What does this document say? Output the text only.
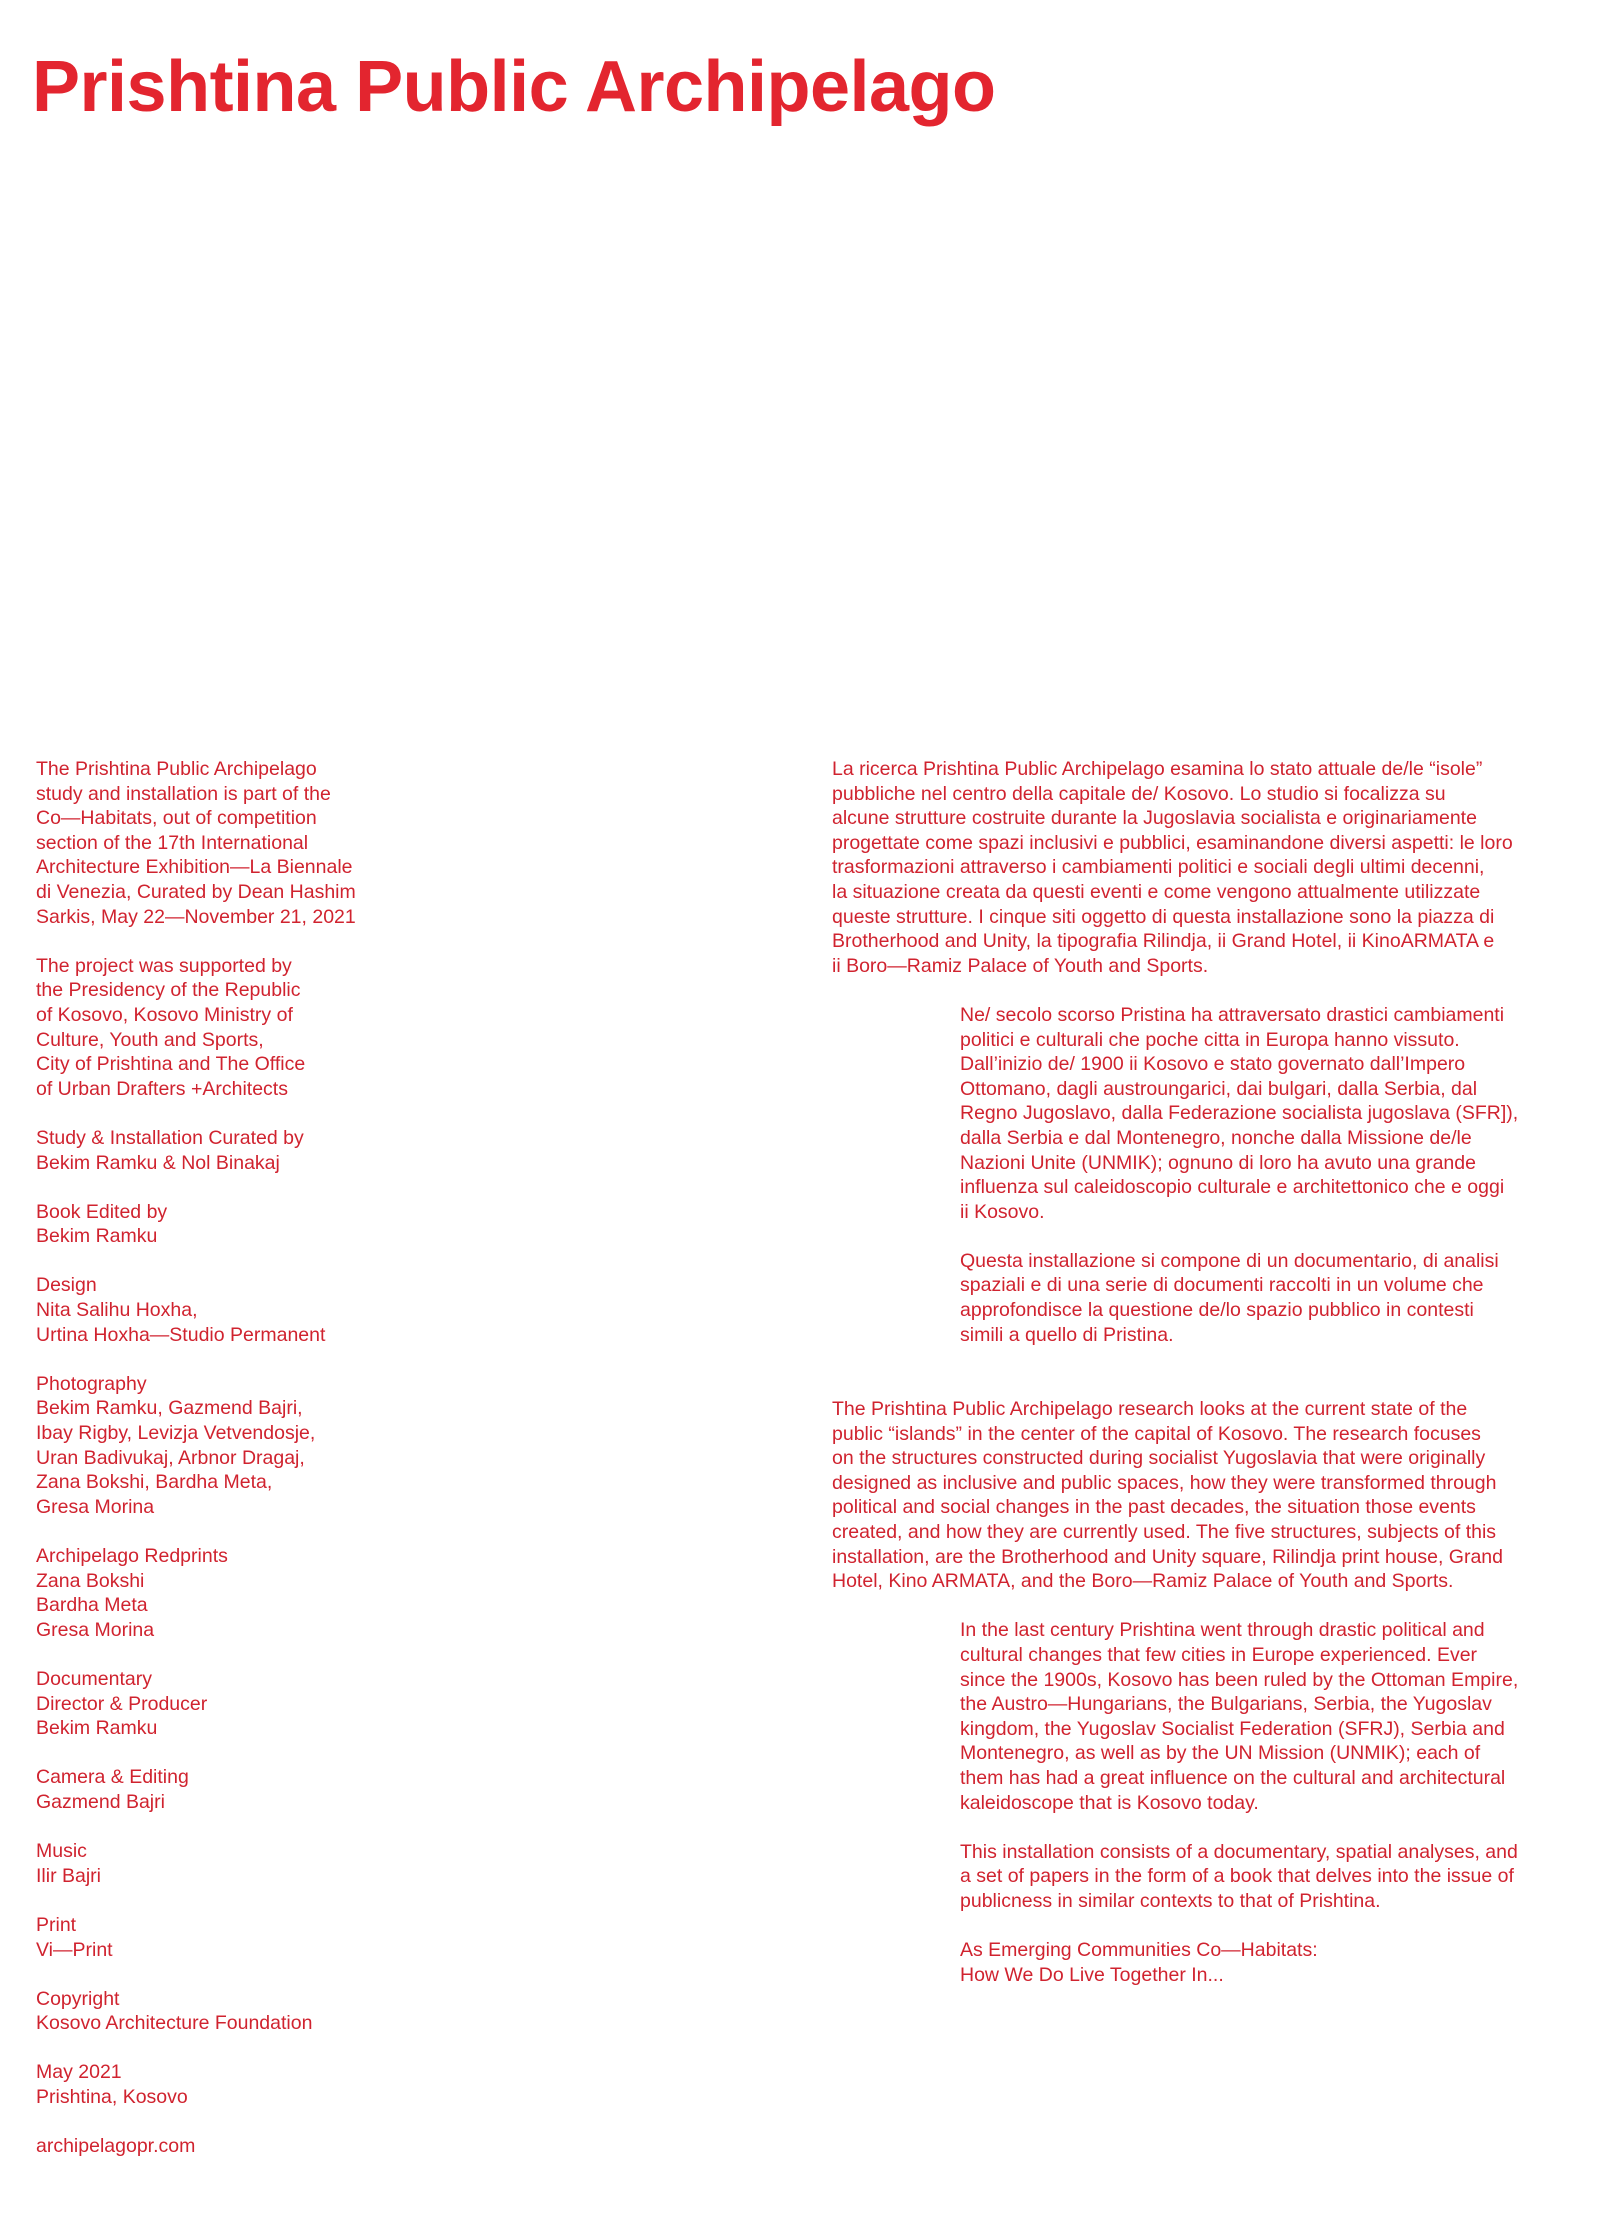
Prishtina Public Archipelago
The Prishtina Public Archipelago
study and installation is part of the
Co—Habitats, out of competition
section of the 17th International
Architecture Exhibition—La Biennale
di Venezia, Curated by Dean Hashim
Sarkis, May 22—November 21, 2021
The project was supported by
the Presidency of the Republic
of Kosovo, Kosovo Ministry of
Culture, Youth and Sports,
City of Prishtina and The Office
of Urban Drafters +Architects
Study & Installation Curated by
Bekim Ramku & Nol Binakaj
Book Edited by
Bekim Ramku
Design
Nita Salihu Hoxha,
Urtina Hoxha—Studio Permanent
Photography
Bekim Ramku, Gazmend Bajri,
Ibay Rigby, Levizja Vetvendosje,
Uran Badivukaj, Arbnor Dragaj,
Zana Bokshi, Bardha Meta,
Gresa Morina
Archipelago Redprints
Zana Bokshi
Bardha Meta
Gresa Morina
Documentary
Director & Producer
Bekim Ramku
Camera & Editing
Gazmend Bajri
Music
Ilir Bajri
Print
Vi—Print
Copyright
Kosovo Architecture Foundation
May 2021
Prishtina, Kosovo
archipelagopr.com
La ricerca Prishtina Public Archipelago esamina lo stato attuale de/le “isole”
pubbliche nel centro della capitale de/ Kosovo. Lo studio si focalizza su
alcune strutture costruite durante la Jugoslavia socialista e originariamente
progettate come spazi inclusivi e pubblici, esaminandone diversi aspetti: le loro
trasformazioni attraverso i cambiamenti politici e sociali degli ultimi decenni,
la situazione creata da questi eventi e come vengono attualmente utilizzate
queste strutture. I cinque siti oggetto di questa installazione sono la piazza di
Brotherhood and Unity, la tipografia Rilindja, ii Grand Hotel, ii KinoARMATA e
ii Boro—Ramiz Palace of Youth and Sports.
Ne/ secolo scorso Pristina ha attraversato drastici cambiamenti
politici e culturali che poche citta in Europa hanno vissuto.
Dall’inizio de/ 1900 ii Kosovo e stato governato dall’Impero
Ottomano, dagli austroungarici, dai bulgari, dalla Serbia, dal
Regno Jugoslavo, dalla Federazione socialista jugoslava (SFR]),
dalla Serbia e dal Montenegro, nonche dalla Missione de/le
Nazioni Unite (UNMIK); ognuno di loro ha avuto una grande
influenza sul caleidoscopio culturale e architettonico che e oggi
ii Kosovo.
Questa installazione si compone di un documentario, di analisi
spaziali e di una serie di documenti raccolti in un volume che
approfondisce la questione de/lo spazio pubblico in contesti
simili a quello di Pristina.
The Prishtina Public Archipelago research looks at the current state of the
public “islands” in the center of the capital of Kosovo. The research focuses
on the structures constructed during socialist Yugoslavia that were originally
designed as inclusive and public spaces, how they were transformed through
political and social changes in the past decades, the situation those events
created, and how they are currently used. The five structures, subjects of this
installation, are the Brotherhood and Unity square, Rilindja print house, Grand
Hotel, Kino ARMATA, and the Boro—Ramiz Palace of Youth and Sports.
In the last century Prishtina went through drastic political and
cultural changes that few cities in Europe experienced. Ever
since the 1900s, Kosovo has been ruled by the Ottoman Empire,
the Austro—Hungarians, the Bulgarians, Serbia, the Yugoslav
kingdom, the Yugoslav Socialist Federation (SFRJ), Serbia and
Montenegro, as well as by the UN Mission (UNMIK); each of
them has had a great influence on the cultural and architectural
kaleidoscope that is Kosovo today.
This installation consists of a documentary, spatial analyses, and
a set of papers in the form of a book that delves into the issue of
publicness in similar contexts to that of Prishtina.
As Emerging Communities Co—Habitats:
How We Do Live Together In...
